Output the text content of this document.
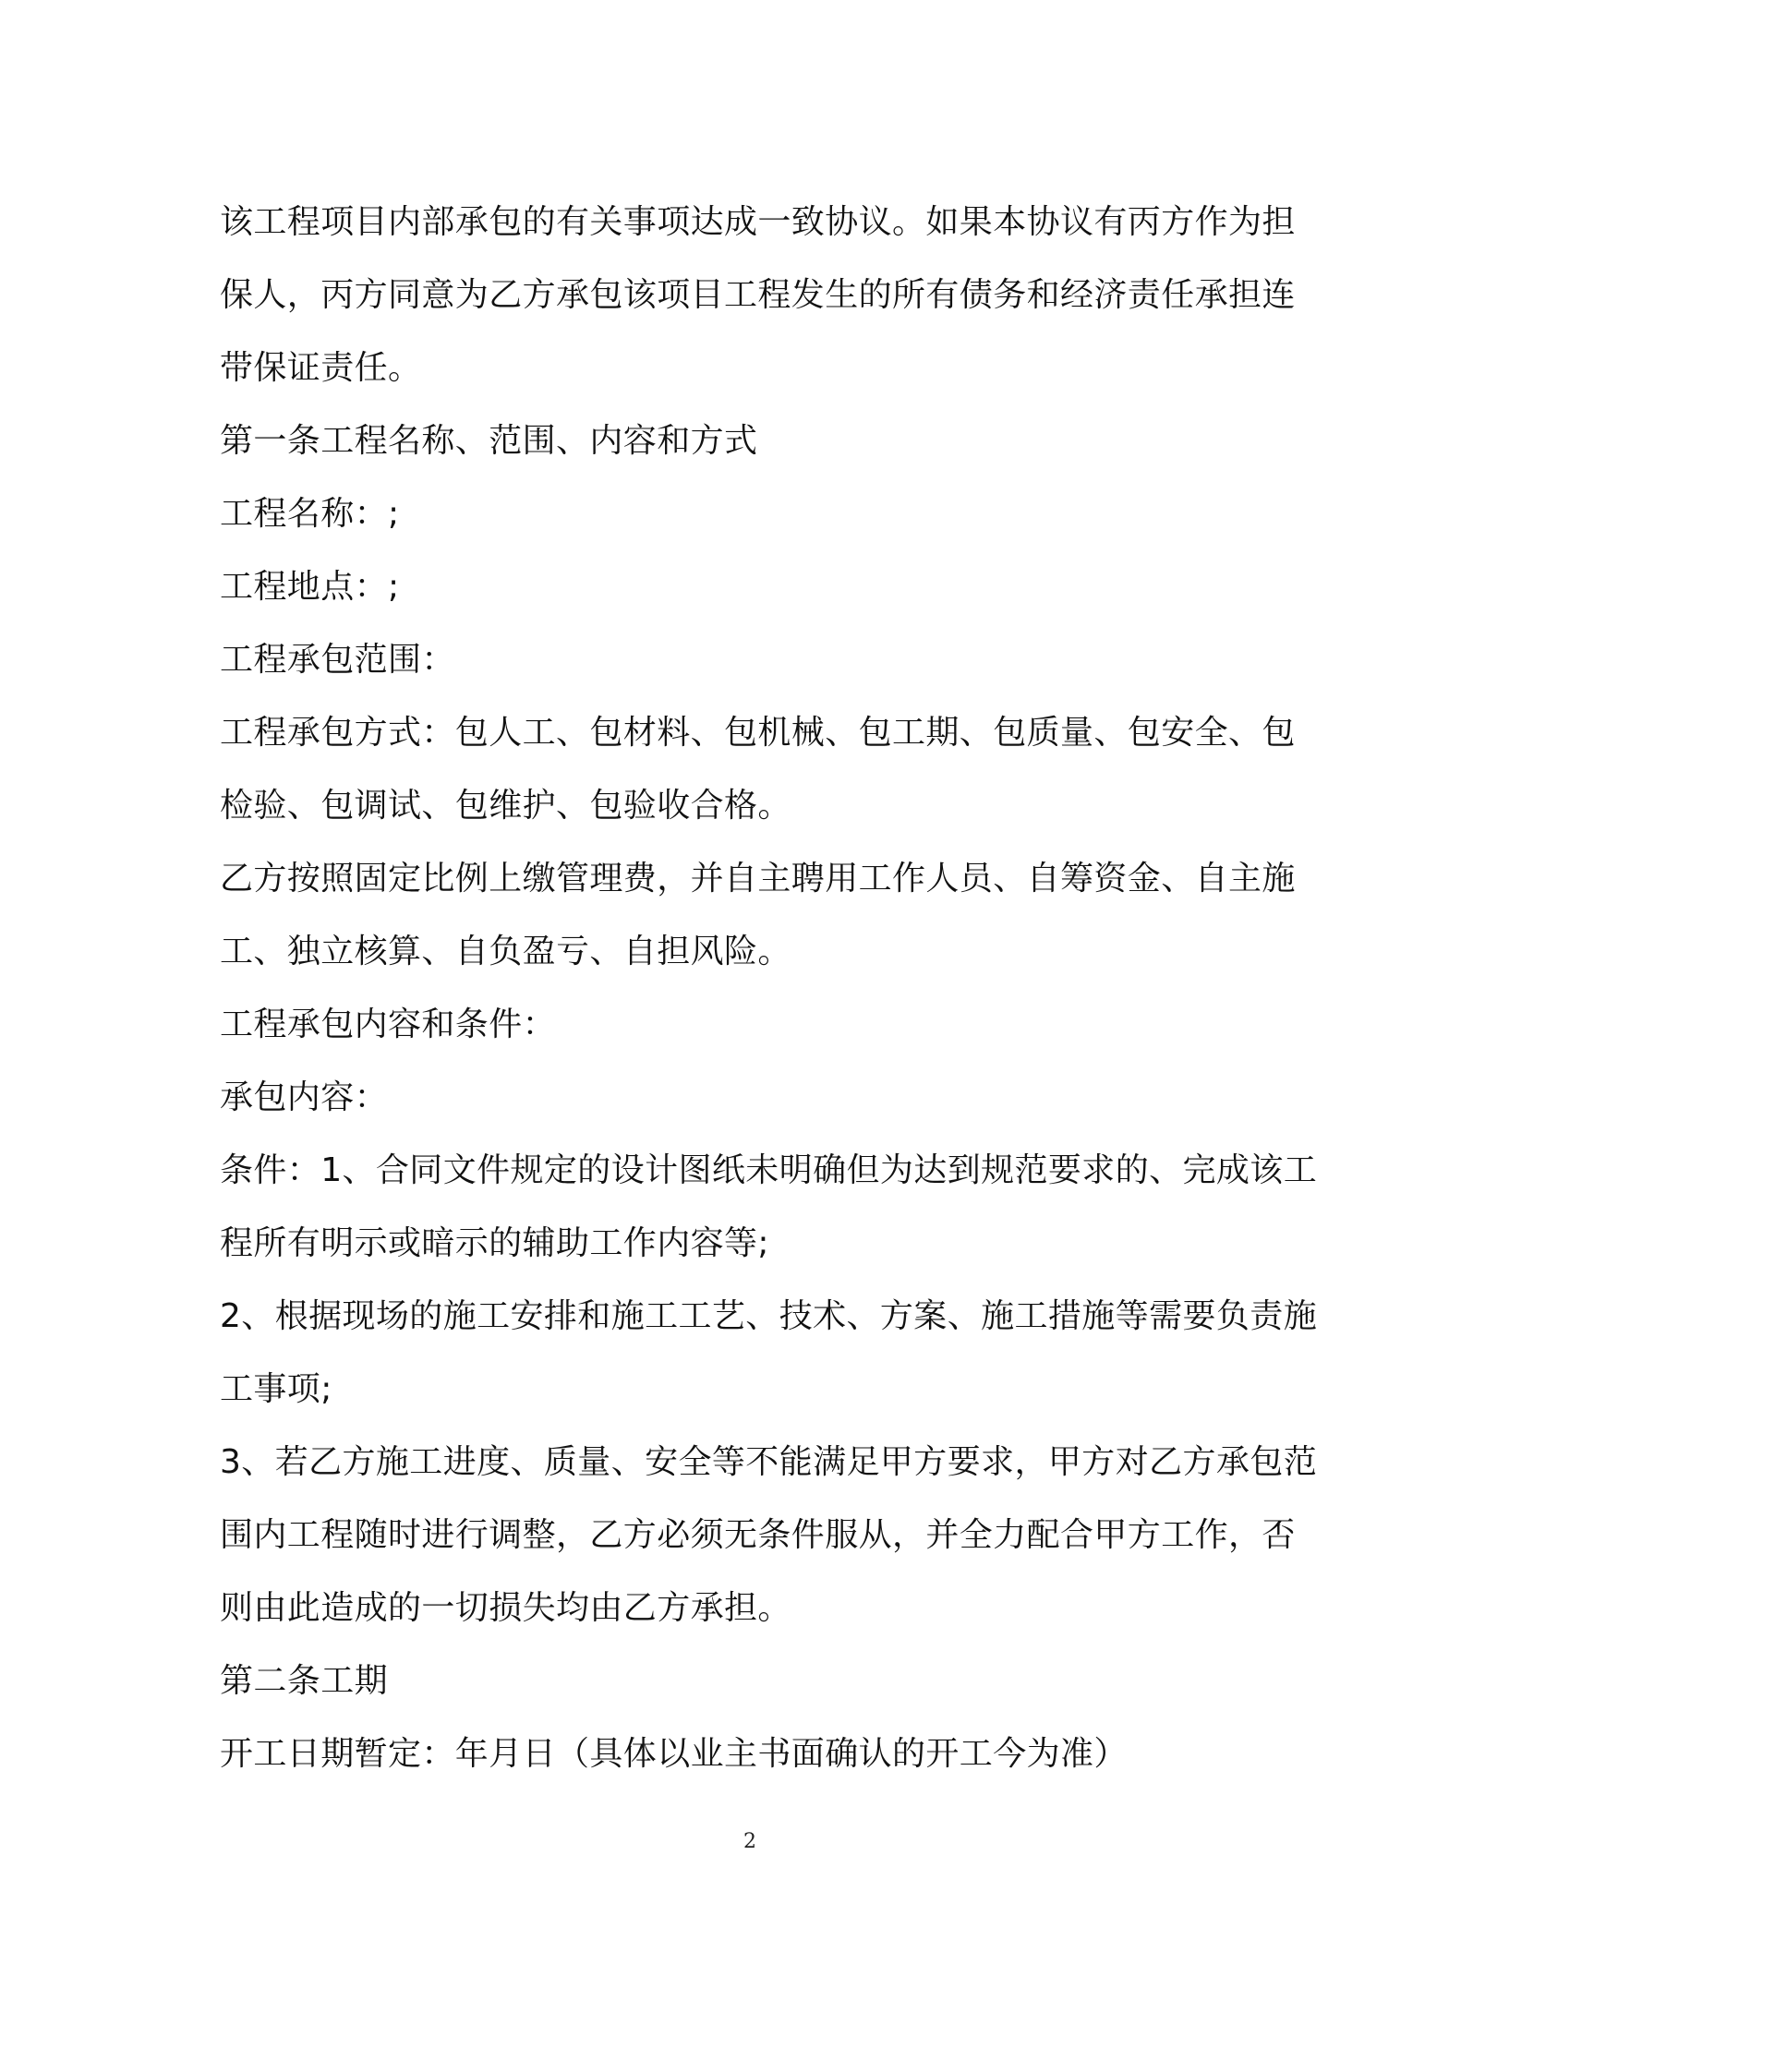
该工程项目内部承包的有关事项达成一致协议。如果本协议有丙方作为担
保人，丙方同意为乙方承包该项目工程发生的所有债务和经济责任承担连
带保证责任。
第一条工程名称、范围、内容和方式
工程名称：;
工程地点：;
工程承包范围：
工程承包方式：包人工、包材料、包机械、包工期、包质量、包安全、包
检验、包调试、包维护、包验收合格。
乙方按照固定比例上缴管理费，并自主聘用工作人员、自筹资金、自主施
工、独立核算、自负盈亏、自担风险。
工程承包内容和条件：
承包内容：
条件：1、合同文件规定的设计图纸未明确但为达到规范要求的、完成该工
程所有明示或暗示的辅助工作内容等;
2、根据现场的施工安排和施工工艺、技术、方案、施工措施等需要负责施
工事项;
3、若乙方施工进度、质量、安全等不能满足甲方要求，甲方对乙方承包范
围内工程随时进行调整，乙方必须无条件服从，并全力配合甲方工作，否
则由此造成的一切损失均由乙方承担。
第二条工期
开工日期暂定：年月日（具体以业主书面确认的开工今为准）
2
